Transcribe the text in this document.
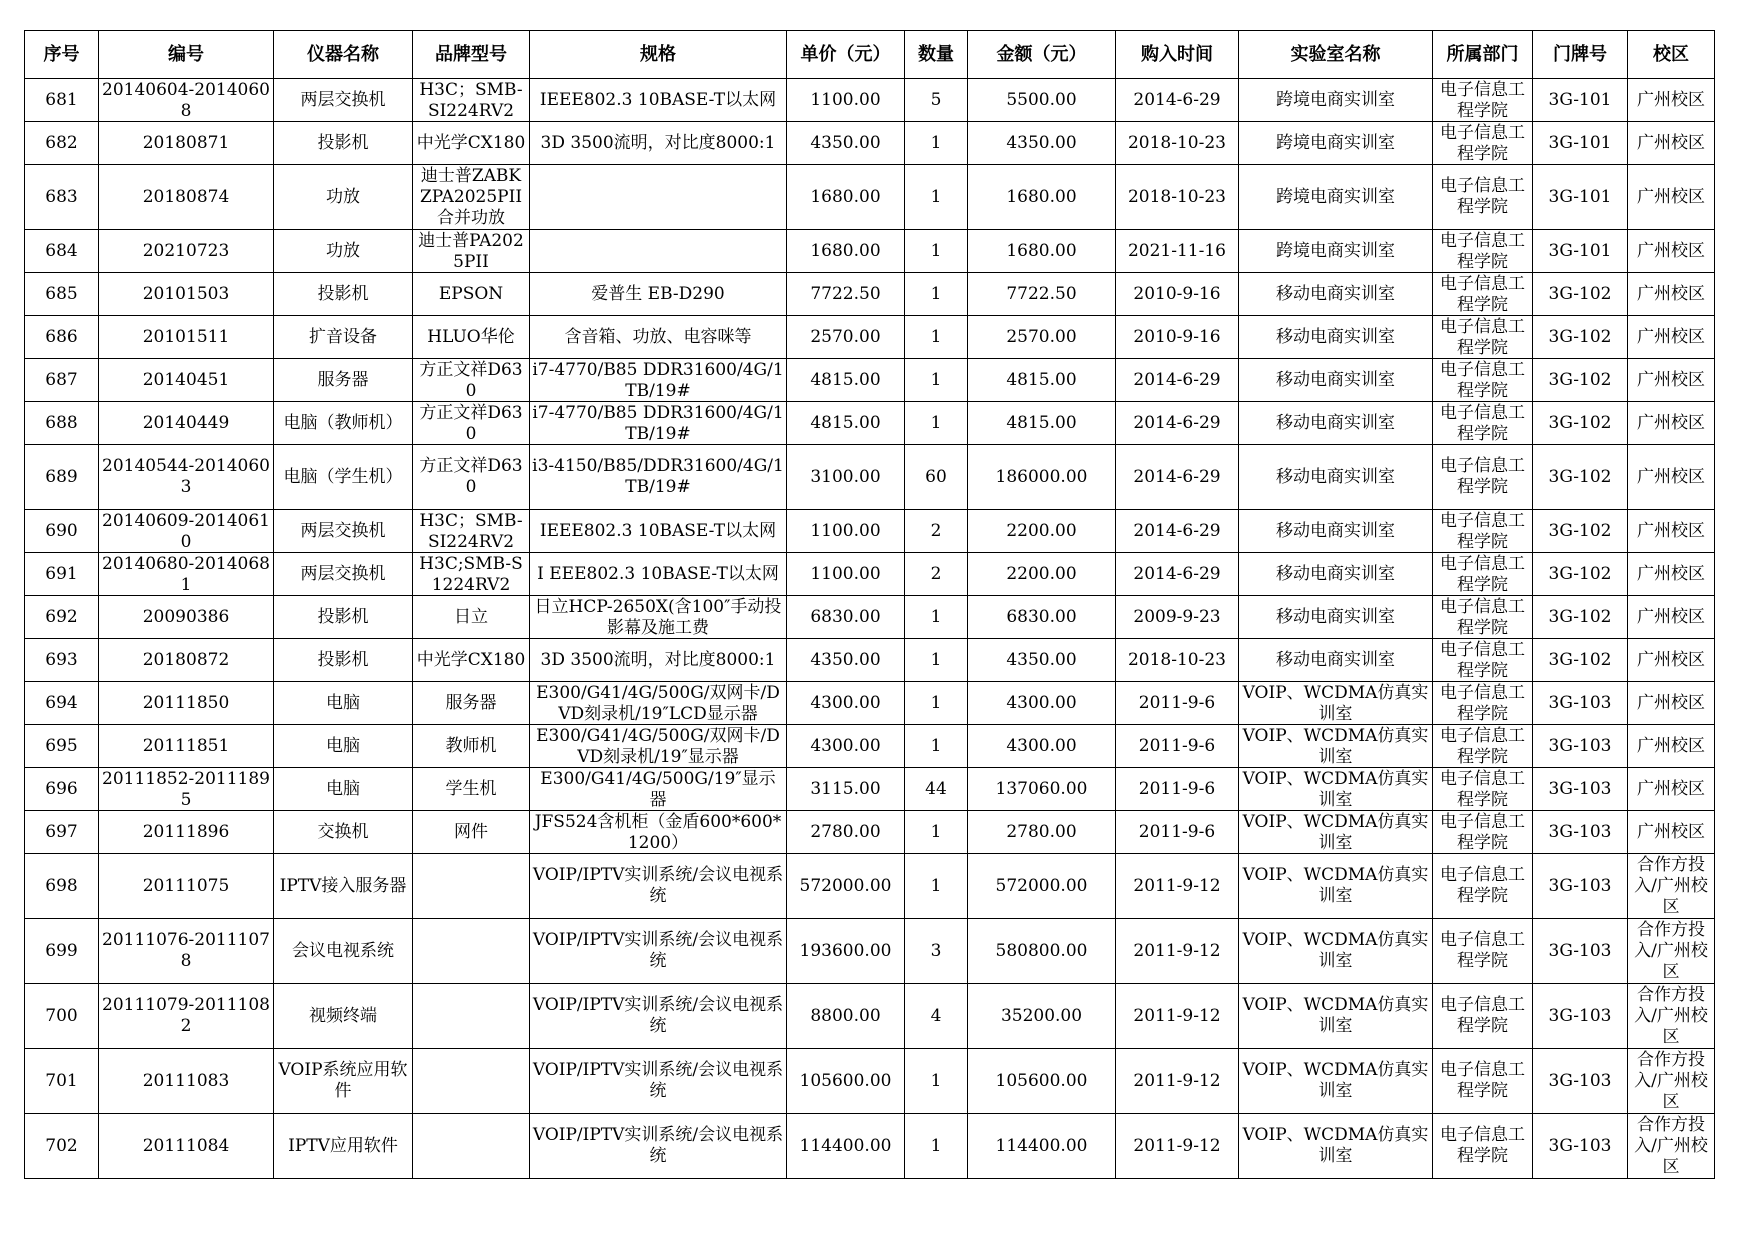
序号	编号	仪器名称	品牌型号	规格	单价（元）	数量	金额（元）	购入时间	实验室名称	所属部门	门牌号	校区

681	20140604-20140608	两层交换机	H3C；SMB-SI224RV2	IEEE802.3 10BASE-T以太网	1100.00	5	5500.00	2014-6-29	跨境电商实训室	电子信息工程学院	3G-101	广州校区

682	20180871	投影机	中光学CX180	3D 3500流明，对比度8000:1	4350.00	1	4350.00	2018-10-23	跨境电商实训室	电子信息工程学院	3G-101	广州校区

683	20180874	功放	迪士普ZABKZPA2025PII合并功放		1680.00	1	1680.00	2018-10-23	跨境电商实训室	电子信息工程学院	3G-101	广州校区

684	20210723	功放	迪士普PA2025PII		1680.00	1	1680.00	2021-11-16	跨境电商实训室	电子信息工程学院	3G-101	广州校区

685	20101503	投影机	EPSON	爱普生 EB-D290	7722.50	1	7722.50	2010-9-16	移动电商实训室	电子信息工程学院	3G-102	广州校区

686	20101511	扩音设备	HLUO华伦	含音箱、功放、电容咪等	2570.00	1	2570.00	2010-9-16	移动电商实训室	电子信息工程学院	3G-102	广州校区

687	20140451	服务器	方正文祥D630	i7-4770/B85 DDR31600/4G/1TB/19#	4815.00	1	4815.00	2014-6-29	移动电商实训室	电子信息工程学院	3G-102	广州校区

688	20140449	电脑（教师机）	方正文祥D630	i7-4770/B85 DDR31600/4G/1TB/19#	4815.00	1	4815.00	2014-6-29	移动电商实训室	电子信息工程学院	3G-102	广州校区

689	20140544-20140603	电脑（学生机）	方正文祥D630	i3-4150/B85/DDR31600/4G/1TB/19#	3100.00	60	186000.00	2014-6-29	移动电商实训室	电子信息工程学院	3G-102	广州校区

690	20140609-20140610	两层交换机	H3C；SMB-SI224RV2	IEEE802.3 10BASE-T以太网	1100.00	2	2200.00	2014-6-29	移动电商实训室	电子信息工程学院	3G-102	广州校区

691	20140680-20140681	两层交换机	H3C;SMB-S1224RV2	I EEE802.3 10BASE-T以太网	1100.00	2	2200.00	2014-6-29	移动电商实训室	电子信息工程学院	3G-102	广州校区

692	20090386	投影机	日立	日立HCP-2650X(含100″手动投影幕及施工费	6830.00	1	6830.00	2009-9-23	移动电商实训室	电子信息工程学院	3G-102	广州校区

693	20180872	投影机	中光学CX180	3D 3500流明，对比度8000:1	4350.00	1	4350.00	2018-10-23	移动电商实训室	电子信息工程学院	3G-102	广州校区

694	20111850	电脑	服务器	E300/G41/4G/500G/双网卡/DVD刻录机/19″LCD显示器	4300.00	1	4300.00	2011-9-6	VOIP、WCDMA仿真实训室	电子信息工程学院	3G-103	广州校区

695	20111851	电脑	教师机	E300/G41/4G/500G/双网卡/DVD刻录机/19″显示器	4300.00	1	4300.00	2011-9-6	VOIP、WCDMA仿真实训室	电子信息工程学院	3G-103	广州校区

696	20111852-20111895	电脑	学生机	E300/G41/4G/500G/19″显示器	3115.00	44	137060.00	2011-9-6	VOIP、WCDMA仿真实训室	电子信息工程学院	3G-103	广州校区

697	20111896	交换机	网件	JFS524含机柜（金盾600*600*1200）	2780.00	1	2780.00	2011-9-6	VOIP、WCDMA仿真实训室	电子信息工程学院	3G-103	广州校区

698	20111075	IPTV接入服务器		VOIP/IPTV实训系统/会议电视系统	572000.00	1	572000.00	2011-9-12	VOIP、WCDMA仿真实训室	电子信息工程学院	3G-103	合作方投入/广州校区

699	20111076-20111078	会议电视系统		VOIP/IPTV实训系统/会议电视系统	193600.00	3	580800.00	2011-9-12	VOIP、WCDMA仿真实训室	电子信息工程学院	3G-103	合作方投入/广州校区

700	20111079-20111082	视频终端		VOIP/IPTV实训系统/会议电视系统	8800.00	4	35200.00	2011-9-12	VOIP、WCDMA仿真实训室	电子信息工程学院	3G-103	合作方投入/广州校区

701	20111083	VOIP系统应用软件		VOIP/IPTV实训系统/会议电视系统	105600.00	1	105600.00	2011-9-12	VOIP、WCDMA仿真实训室	电子信息工程学院	3G-103	合作方投入/广州校区

702	20111084	IPTV应用软件		VOIP/IPTV实训系统/会议电视系统	114400.00	1	114400.00	2011-9-12	VOIP、WCDMA仿真实训室	电子信息工程学院	3G-103	合作方投入/广州校区
